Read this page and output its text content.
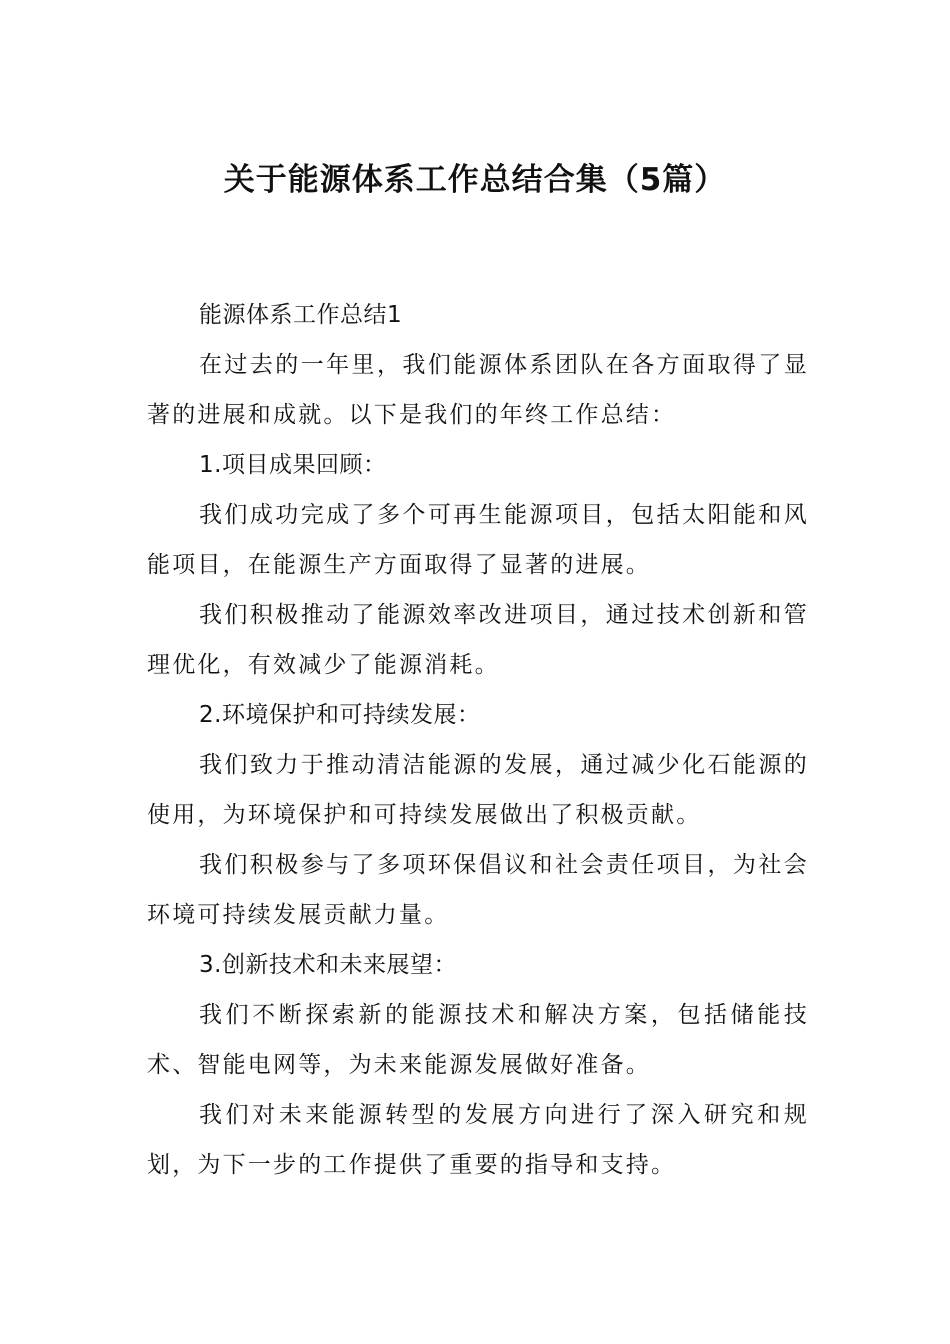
关于能源体系工作总结合集（5篇）

能源体系工作总结1

在过去的一年里，我们能源体系团队在各方面取得了显著的进展和成就。以下是我们的年终工作总结：

1.项目成果回顾：

我们成功完成了多个可再生能源项目，包括太阳能和风能项目，在能源生产方面取得了显著的进展。

我们积极推动了能源效率改进项目，通过技术创新和管理优化，有效减少了能源消耗。

2.环境保护和可持续发展：

我们致力于推动清洁能源的发展，通过减少化石能源的使用，为环境保护和可持续发展做出了积极贡献。

我们积极参与了多项环保倡议和社会责任项目，为社会环境可持续发展贡献力量。

3.创新技术和未来展望：

我们不断探索新的能源技术和解决方案，包括储能技术、智能电网等，为未来能源发展做好准备。

我们对未来能源转型的发展方向进行了深入研究和规划，为下一步的工作提供了重要的指导和支持。
